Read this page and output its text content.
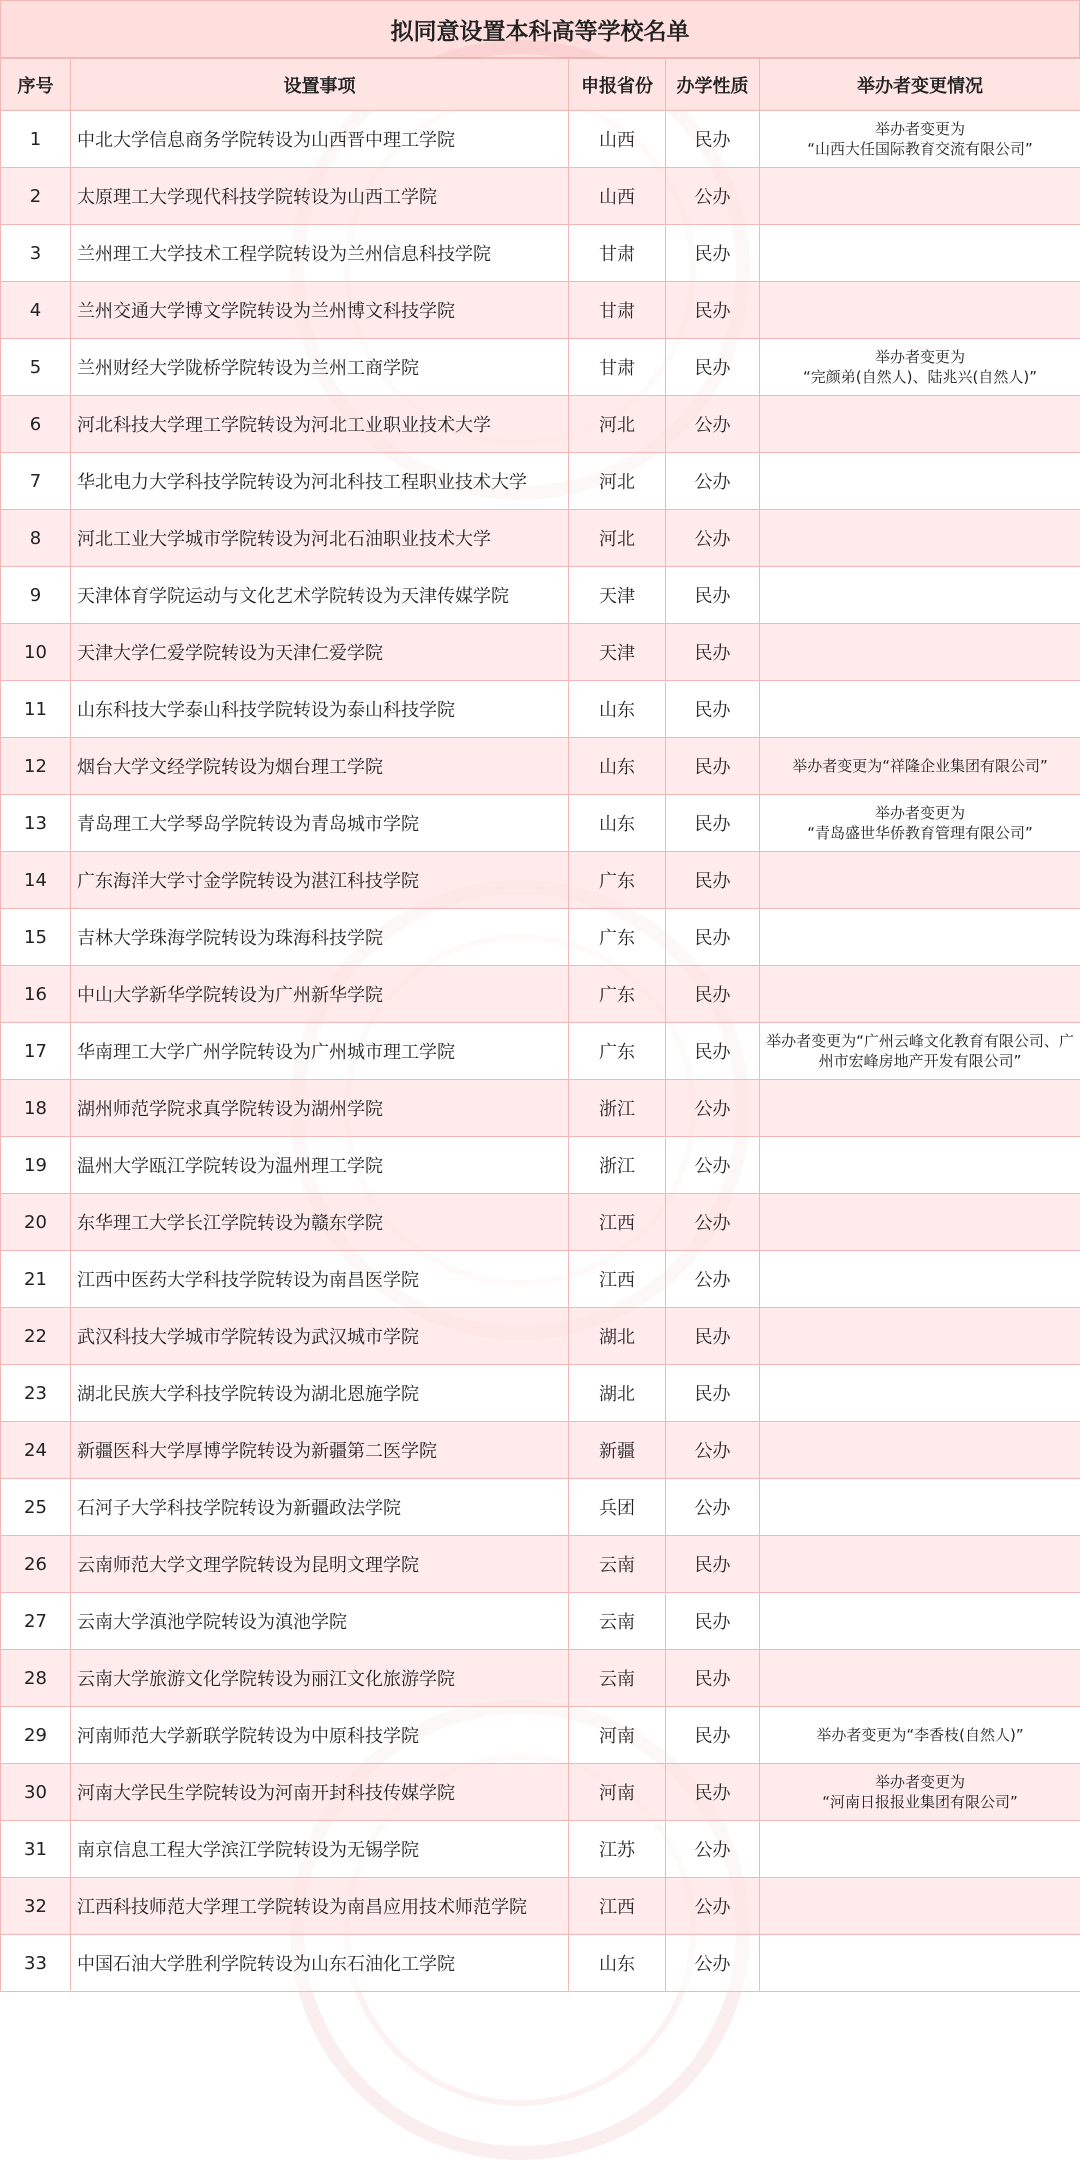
拟同意设置本科高等学校名单
序号	设置事项	申报省份	办学性质	举办者变更情况
1	中北大学信息商务学院转设为山西晋中理工学院	山西	民办	举办者变更为
“山西大任国际教育交流有限公司”
2	太原理工大学现代科技学院转设为山西工学院	山西	公办	
3	兰州理工大学技术工程学院转设为兰州信息科技学院	甘肃	民办	
4	兰州交通大学博文学院转设为兰州博文科技学院	甘肃	民办	
5	兰州财经大学陇桥学院转设为兰州工商学院	甘肃	民办	举办者变更为
“完颜弟(自然人)、陆兆兴(自然人)”
6	河北科技大学理工学院转设为河北工业职业技术大学	河北	公办	
7	华北电力大学科技学院转设为河北科技工程职业技术大学	河北	公办	
8	河北工业大学城市学院转设为河北石油职业技术大学	河北	公办	
9	天津体育学院运动与文化艺术学院转设为天津传媒学院	天津	民办	
10	天津大学仁爱学院转设为天津仁爱学院	天津	民办	
11	山东科技大学泰山科技学院转设为泰山科技学院	山东	民办	
12	烟台大学文经学院转设为烟台理工学院	山东	民办	举办者变更为“祥隆企业集团有限公司”
13	青岛理工大学琴岛学院转设为青岛城市学院	山东	民办	举办者变更为
“青岛盛世华侨教育管理有限公司”
14	广东海洋大学寸金学院转设为湛江科技学院	广东	民办	
15	吉林大学珠海学院转设为珠海科技学院	广东	民办	
16	中山大学新华学院转设为广州新华学院	广东	民办	
17	华南理工大学广州学院转设为广州城市理工学院	广东	民办	举办者变更为“广州云峰文化教育有限公司、广州市宏峰房地产开发有限公司”
18	湖州师范学院求真学院转设为湖州学院	浙江	公办	
19	温州大学瓯江学院转设为温州理工学院	浙江	公办	
20	东华理工大学长江学院转设为赣东学院	江西	公办	
21	江西中医药大学科技学院转设为南昌医学院	江西	公办	
22	武汉科技大学城市学院转设为武汉城市学院	湖北	民办	
23	湖北民族大学科技学院转设为湖北恩施学院	湖北	民办	
24	新疆医科大学厚博学院转设为新疆第二医学院	新疆	公办	
25	石河子大学科技学院转设为新疆政法学院	兵团	公办	
26	云南师范大学文理学院转设为昆明文理学院	云南	民办	
27	云南大学滇池学院转设为滇池学院	云南	民办	
28	云南大学旅游文化学院转设为丽江文化旅游学院	云南	民办	
29	河南师范大学新联学院转设为中原科技学院	河南	民办	举办者变更为“李香枝(自然人)”
30	河南大学民生学院转设为河南开封科技传媒学院	河南	民办	举办者变更为
“河南日报报业集团有限公司”
31	南京信息工程大学滨江学院转设为无锡学院	江苏	公办	
32	江西科技师范大学理工学院转设为南昌应用技术师范学院	江西	公办	
33	中国石油大学胜利学院转设为山东石油化工学院	山东	公办	
